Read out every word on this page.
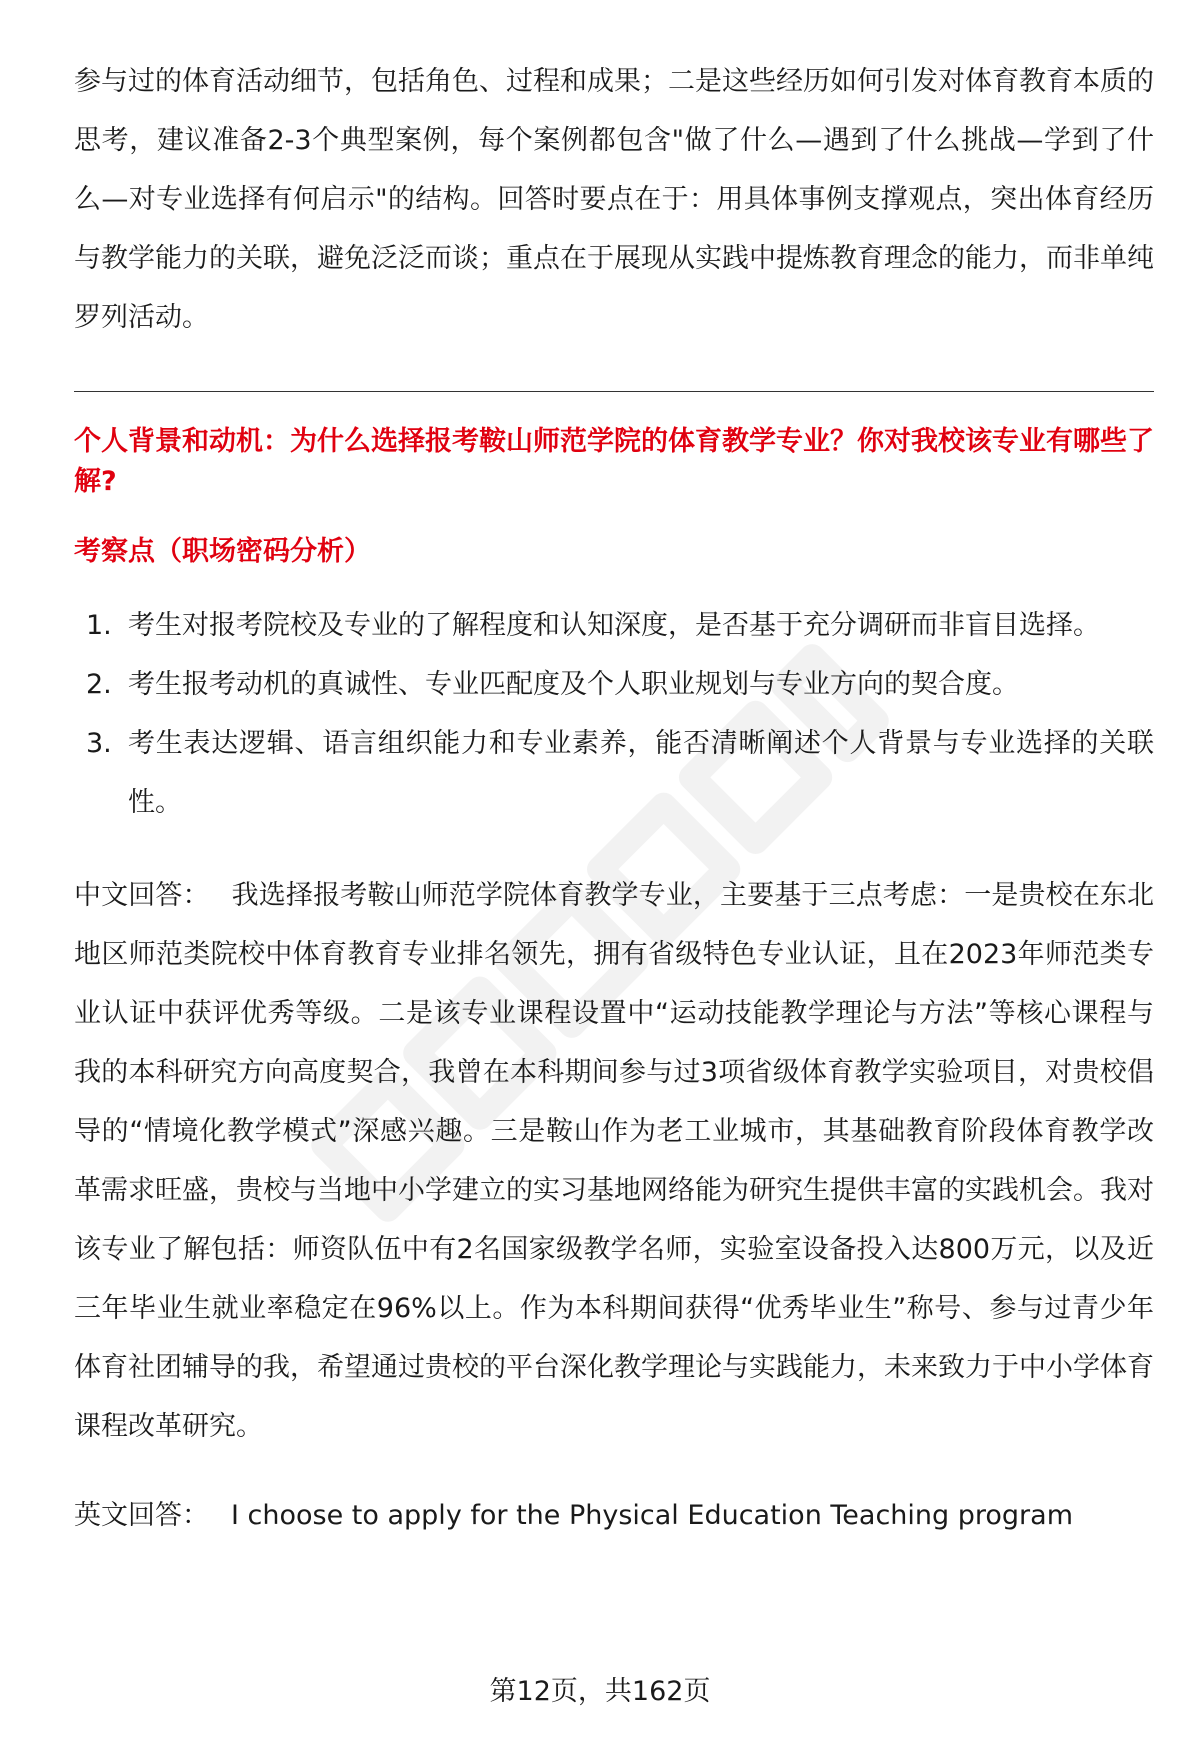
参与过的体育活动细节，包括角色、过程和成果；二是这些经历如何引发对体育教育本质的思考，建议准备2-3个典型案例，每个案例都包含"做了什么—遇到了什么挑战—学到了什么—对专业选择有何启示"的结构。回答时要点在于：用具体事例支撑观点，突出体育经历与教学能力的关联，避免泛泛而谈；重点在于展现从实践中提炼教育理念的能力，而非单纯罗列活动。

个人背景和动机：为什么选择报考鞍山师范学院的体育教学专业？你对我校该专业有哪些了解?

考察点（职场密码分析）

1. 考生对报考院校及专业的了解程度和认知深度，是否基于充分调研而非盲目选择。
2. 考生报考动机的真诚性、专业匹配度及个人职业规划与专业方向的契合度。
3. 考生表达逻辑、语言组织能力和专业素养，能否清晰阐述个人背景与专业选择的关联性。

中文回答： 我选择报考鞍山师范学院体育教学专业，主要基于三点考虑：一是贵校在东北地区师范类院校中体育教育专业排名领先，拥有省级特色专业认证，且在2023年师范类专业认证中获评优秀等级。二是该专业课程设置中“运动技能教学理论与方法”等核心课程与我的本科研究方向高度契合，我曾在本科期间参与过3项省级体育教学实验项目，对贵校倡导的“情境化教学模式”深感兴趣。三是鞍山作为老工业城市，其基础教育阶段体育教学改革需求旺盛，贵校与当地中小学建立的实习基地网络能为研究生提供丰富的实践机会。我对该专业了解包括：师资队伍中有2名国家级教学名师，实验室设备投入达800万元，以及近三年毕业生就业率稳定在96%以上。作为本科期间获得“优秀毕业生”称号、参与过青少年体育社团辅导的我，希望通过贵校的平台深化教学理论与实践能力，未来致力于中小学体育课程改革研究。

英文回答： I choose to apply for the Physical Education Teaching program

第12页，共162页
